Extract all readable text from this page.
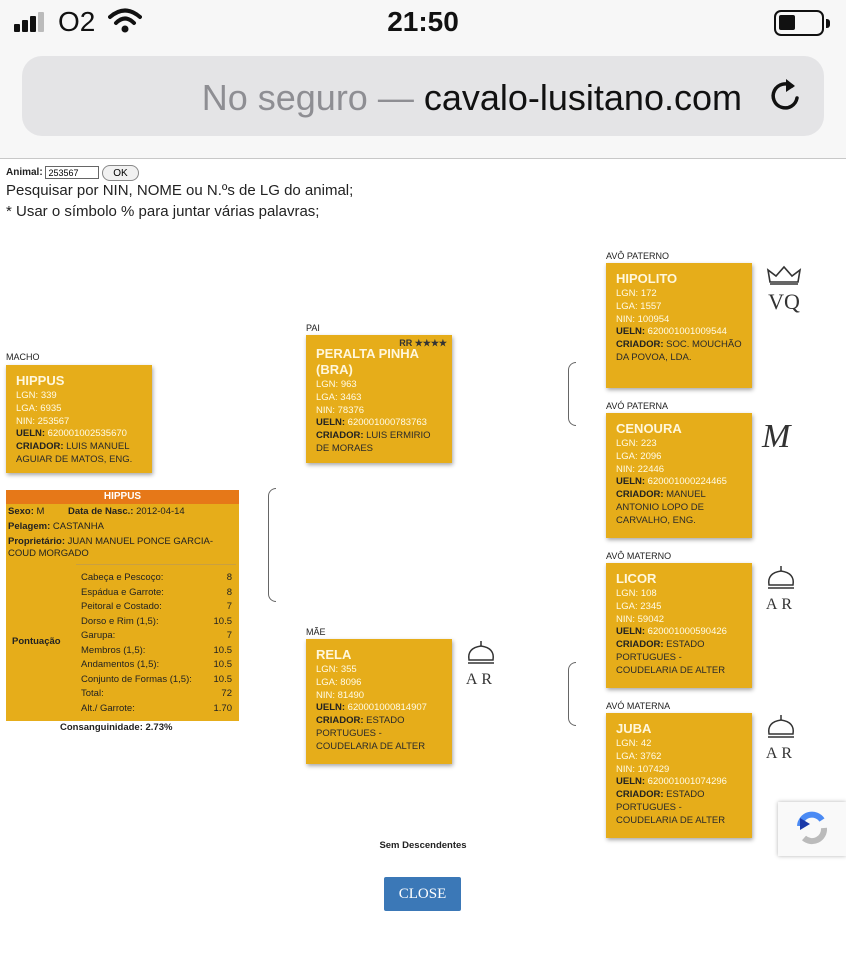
O2	21:50
No seguro — cavalo-lusitano.com
Animal: 253567	OK
Pesquisar por NIN, NOME ou N.ºs de LG do animal;
* Usar o símbolo % para juntar várias palavras;
MACHO
HIPPUS
LGN: 339
LGA: 6935
NIN: 253567
UELN: 620001002535670
CRIADOR: LUIS MANUEL AGUIAR DE MATOS, ENG.
PAI
RR ★★★★
PERALTA PINHA (BRA)
LGN: 963
LGA: 3463
NIN: 78376
UELN: 620001000783763
CRIADOR: LUIS ERMIRIO DE MORAES
MÃE
RELA
LGN: 355
LGA: 8096
NIN: 81490
UELN: 620001000814907
CRIADOR: ESTADO PORTUGUES - COUDELARIA DE ALTER
AVÔ PATERNO
HIPOLITO
LGN: 172
LGA: 1557
NIN: 100954
UELN: 620001001009544
CRIADOR: SOC. MOUCHÃO DA POVOA, LDA.
AVÓ PATERNA
CENOURA
LGN: 223
LGA: 2096
NIN: 22446
UELN: 620001000224465
CRIADOR: MANUEL ANTONIO LOPO DE CARVALHO, ENG.
AVÔ MATERNO
LICOR
LGN: 108
LGA: 2345
NIN: 59042
UELN: 620001000590426
CRIADOR: ESTADO PORTUGUES - COUDELARIA DE ALTER
AVÓ MATERNA
JUBA
LGN: 42
LGA: 3762
NIN: 107429
UELN: 620001001074296
CRIADOR: ESTADO PORTUGUES - COUDELARIA DE ALTER
HIPPUS
Sexo: M Data de Nasc.: 2012-04-14
Pelagem: CASTANHA
Proprietário: JUAN MANUEL PONCE GARCIA-
COUD MORGADO
Pontuação
Cabeça e Pescoço:	8
Espádua e Garrote:	8
Peitoral e Costado:	7
Dorso e Rim (1,5):	10.5
Garupa:	7
Membros (1,5):	10.5
Andamentos (1,5):	10.5
Conjunto de Formas (1,5): 10.5
Total:	72
Alt./ Garrote:	1.70
Consanguinidade: 2.73%
VQ
M
AR
AR
AR
Sem Descendentes
CLOSE
